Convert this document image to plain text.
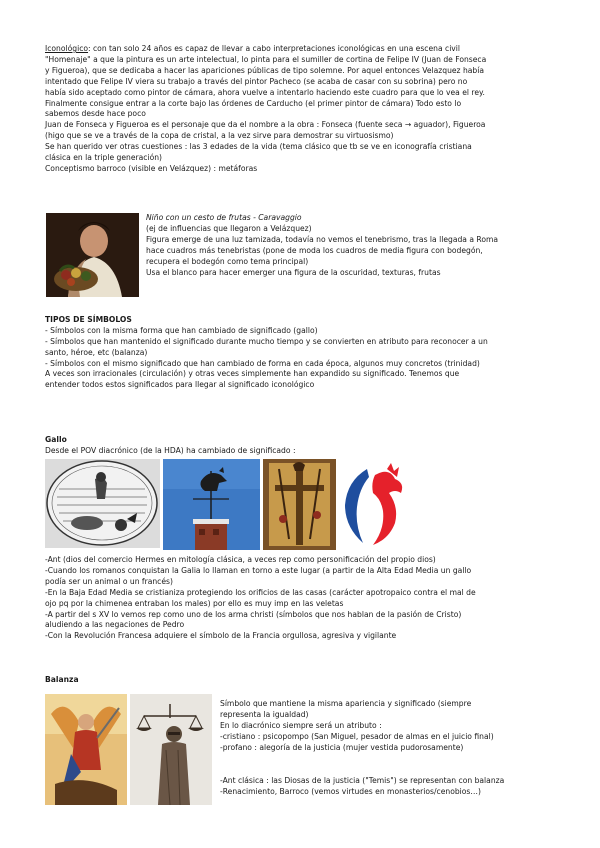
Iconológico: con tan solo 24 años es capaz de llevar a cabo interpretaciones iconológicas en una escena civil

"Homenaje" a que la pintura es un arte intelectual, lo pinta para el sumiller de cortina de Felipe IV (Juan de Fonseca

y Figueroa), que se dedicaba a hacer las apariciones públicas de tipo solemne. Por aquel entonces Velazquez había

intentado que Felipe IV viera su trabajo a través del pintor Pacheco (se acaba de casar con su sobrina) pero no

había sido aceptado como pintor de cámara, ahora vuelve a intentarlo haciendo este cuadro para que lo vea el rey.

Finalmente consigue entrar a la corte bajo las órdenes de Carducho (el primer pintor de cámara) Todo esto lo

sabemos desde hace poco

Juan de Fonseca y Figueroa es el personaje que da el nombre a la obra : Fonseca (fuente seca → aguador), Figueroa

(higo que se ve a través de la copa de cristal, a la vez sirve para demostrar su virtuosismo)

Se han querido ver otras cuestiones : las 3 edades de la vida (tema clásico que tb se ve en iconografía cristiana

clásica en la triple generación)

Conceptismo barroco (visible en Velázquez) : metáforas

Niño con un cesto de frutas - Caravaggio

(ej de influencias que llegaron a Velázquez)

Figura emerge de una luz tamizada, todavía no vemos el tenebrismo, tras la llegada a Roma

hace cuadros más tenebristas (pone de moda los cuadros de media figura con bodegón,

recupera el bodegón como tema principal)

Usa el blanco para hacer emerger una figura de la oscuridad, texturas, frutas

TIPOS DE SÍMBOLOS

- Símbolos con la misma forma que han cambiado de significado (gallo)

- Símbolos que han mantenido el significado durante mucho tiempo y se convierten en atributo para reconocer a un

santo, héroe, etc (balanza)

- Símbolos con el mismo significado que han cambiado de forma en cada época, algunos muy concretos (trinidad)

A veces son irracionales (circulación) y otras veces simplemente han expandido su significado. Tenemos que

entender todos estos significados para llegar al significado iconológico

Gallo

Desde el POV diacrónico (de la HDA) ha cambiado de significado :

-Ant (dios del comercio Hermes en mitología clásica, a veces rep como personificación del propio dios)

-Cuando los romanos conquistan la Galia lo llaman en torno a este lugar (a partir de la Alta Edad Media un gallo

podía ser un animal o un francés)

-En la Baja Edad Media se cristianiza protegiendo los orificios de las casas (carácter apotropaico contra el mal de

ojo pq por la chimenea entraban los males) por ello es muy imp en las veletas

-A partir del s XV lo vemos rep como uno de los arma christi (símbolos que nos hablan de la pasión de Cristo)

aludiendo a las negaciones de Pedro

-Con la Revolución Francesa adquiere el símbolo de la Francia orgullosa, agresiva y vigilante

Balanza

Símbolo que mantiene la misma apariencia y significado (siempre

representa la igualdad)

En lo diacrónico siempre será un atributo :

-cristiano : psicopompo (San Miguel, pesador de almas en el juicio final)

-profano : alegoría de la justicia (mujer vestida pudorosamente)

-Ant clásica : las Diosas de la justicia ("Temis") se representan con balanza

-Renacimiento, Barroco (vemos virtudes en monasterios/cenobios…)
